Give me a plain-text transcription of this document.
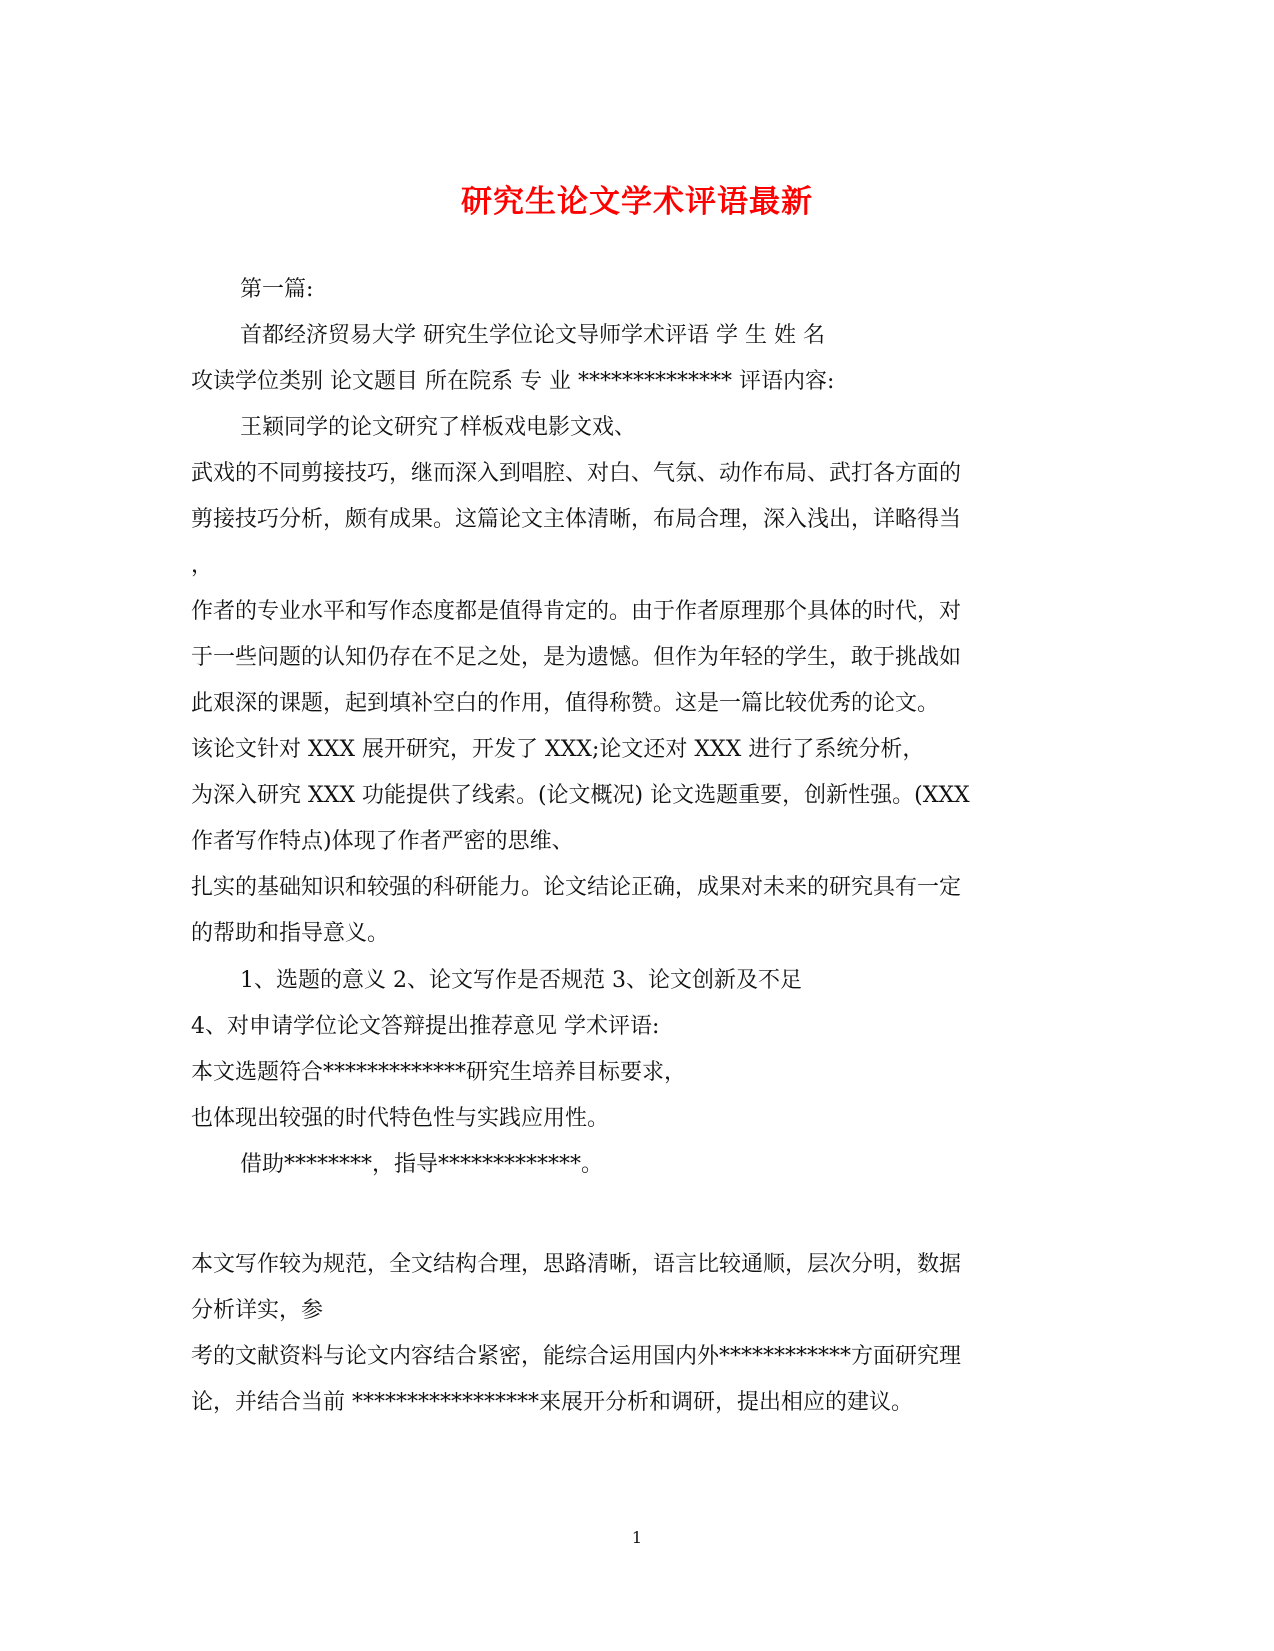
研究生论文学术评语最新
第一篇:
首都经济贸易大学 研究生学位论文导师学术评语 学 生 姓 名
攻读学位类别 论文题目 所在院系 专 业 ************** 评语内容:
王颖同学的论文研究了样板戏电影文戏、
武戏的不同剪接技巧，继而深入到唱腔、对白、气氛、动作布局、武打各方面的
剪接技巧分析，颇有成果。这篇论文主体清晰，布局合理，深入浅出，详略得当
，
作者的专业水平和写作态度都是值得肯定的。由于作者原理那个具体的时代，对
于一些问题的认知仍存在不足之处，是为遗憾。但作为年轻的学生，敢于挑战如
此艰深的课题，起到填补空白的作用，值得称赞。这是一篇比较优秀的论文。
该论文针对 XXX 展开研究，开发了 XXX;论文还对 XXX 进行了系统分析，
为深入研究 XXX 功能提供了线索。(论文概况) 论文选题重要，创新性强。(XXX
作者写作特点)体现了作者严密的思维、
扎实的基础知识和较强的科研能力。论文结论正确，成果对未来的研究具有一定
的帮助和指导意义。
1、选题的意义 2、论文写作是否规范 3、论文创新及不足
4、对申请学位论文答辩提出推荐意见 学术评语:
本文选题符合*************研究生培养目标要求，
也体现出较强的时代特色性与实践应用性。
借助********，指导*************。
本文写作较为规范，全文结构合理，思路清晰，语言比较通顺，层次分明，数据
分析详实，参
考的文献资料与论文内容结合紧密，能综合运用国内外************方面研究理
论，并结合当前 *****************来展开分析和调研，提出相应的建议。
1
